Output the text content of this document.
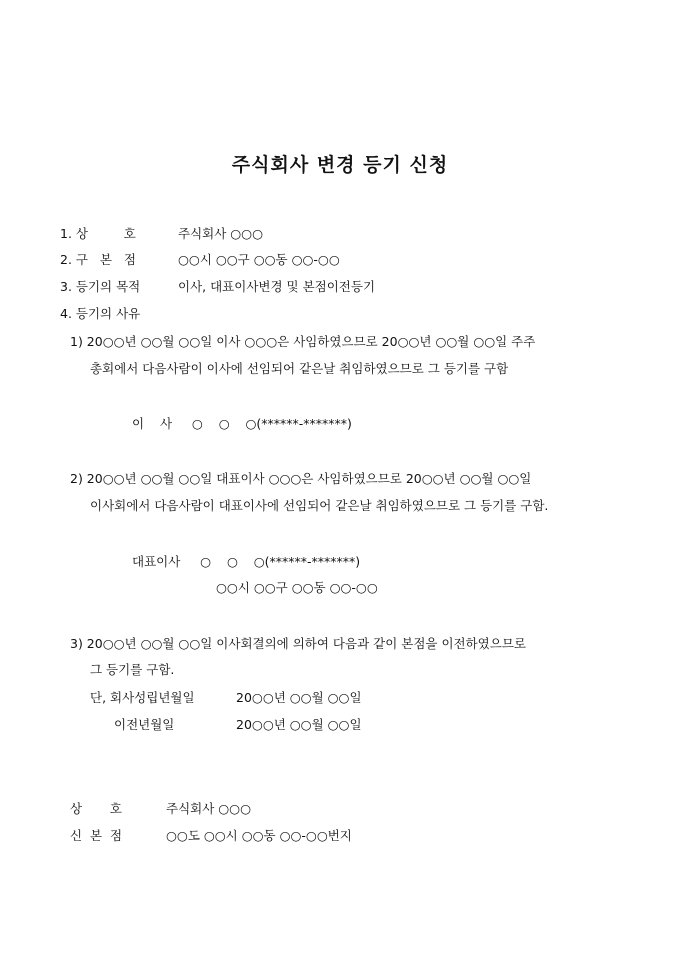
주식회사 변경 등기 신청
1. 상         호	주식회사 ○○○
2. 구   본   점	○○시 ○○구 ○○동 ○○-○○
3. 등기의 목적	이사, 대표이사변경 및 본점이전등기
4. 등기의 사유
1) 20○○년 ○○월 ○○일 이사 ○○○은 사임하였으므로 20○○년 ○○월 ○○일 주주
총회에서 다음사람이 이사에 선임되어 같은날 취임하였으므로 그 등기를 구함
이    사     ○    ○    ○(******-*******)
2) 20○○년 ○○월 ○○일 대표이사 ○○○은 사임하였으므로 20○○년 ○○월 ○○일
이사회에서 다음사람이 대표이사에 선임되어 같은날 취임하였으므로 그 등기를 구함.
대표이사     ○    ○    ○(******-*******)
○○시 ○○구 ○○동 ○○-○○
3) 20○○년 ○○월 ○○일 이사회결의에 의하여 다음과 같이 본점을 이전하였으므로
그 등기를 구함.
단, 회사성립년월일	20○○년 ○○월 ○○일
이전년월일	20○○년 ○○월 ○○일
상       호	주식회사 ○○○
신  본  점	○○도 ○○시 ○○동 ○○-○○번지
